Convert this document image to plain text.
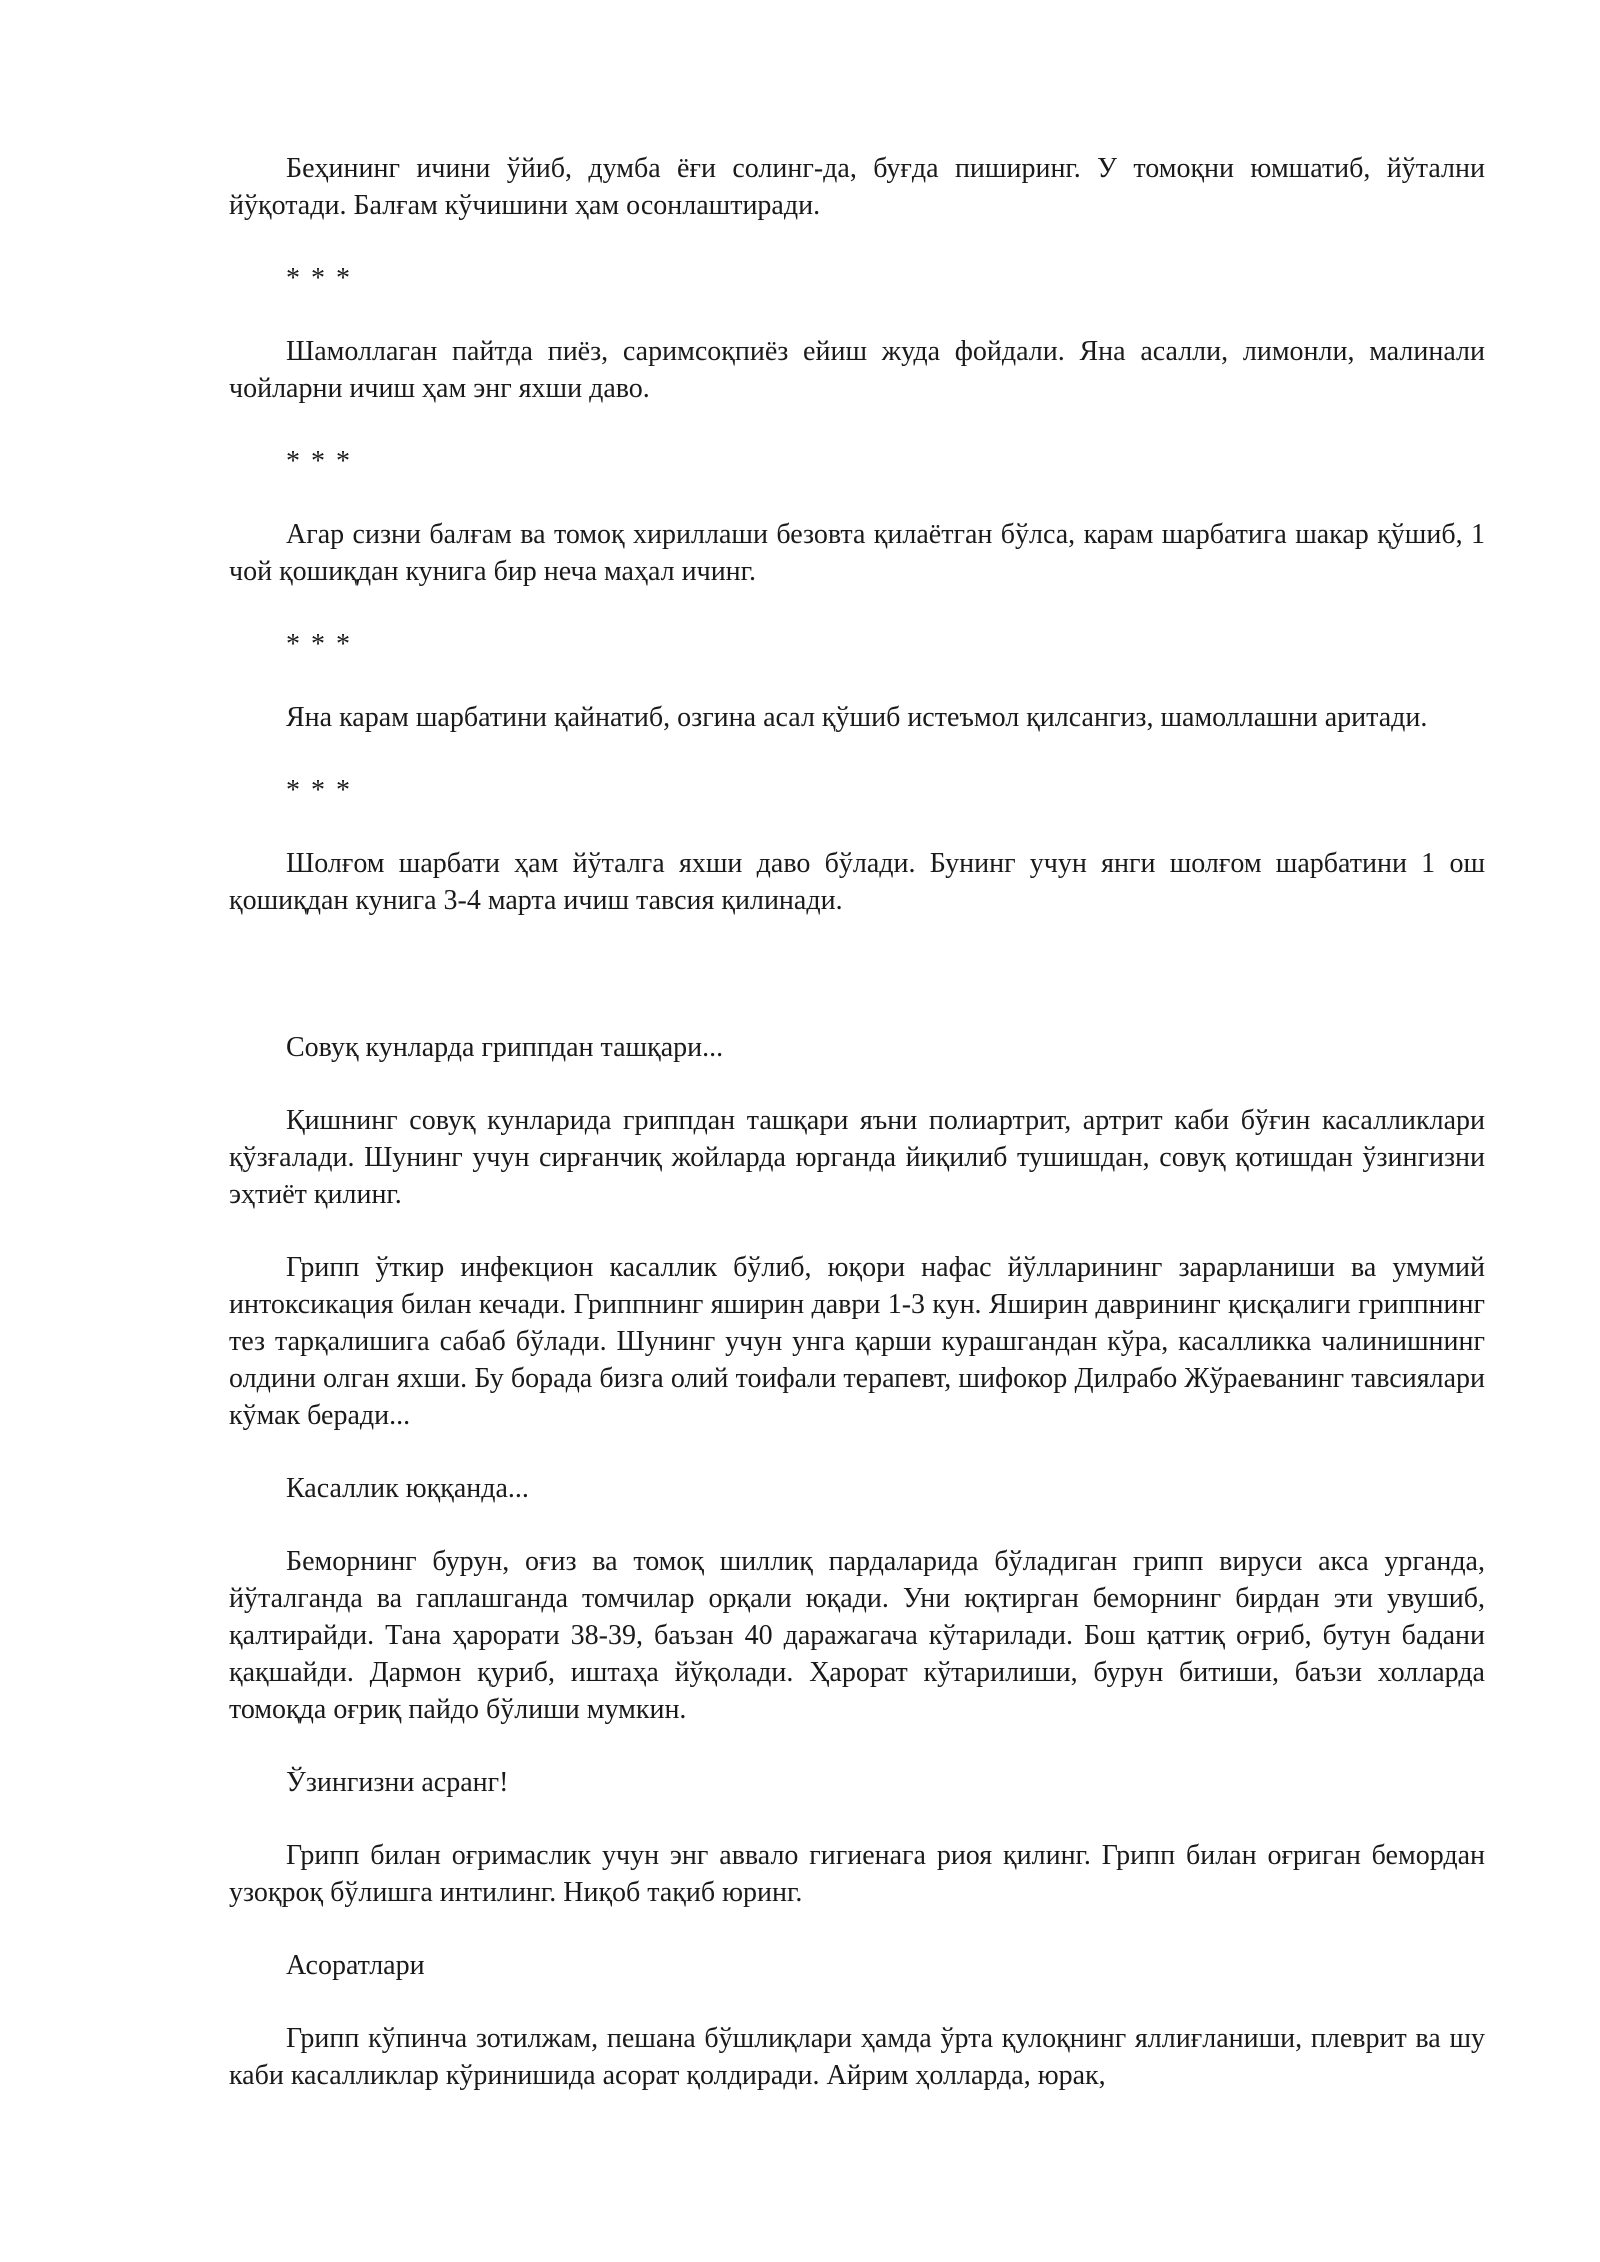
Беҳининг ичини ўйиб, думба ёғи солинг-да, буғда пиширинг. У томоқни юмшатиб, йўтални йўқотади. Балғам кўчишини ҳам осонлаштиради.

* * *

Шамоллаган пайтда пиёз, саримсоқпиёз ейиш жуда фойдали. Яна асалли, лимонли, малинали чойларни ичиш ҳам энг яхши даво.

* * *

Агар сизни балғам ва томоқ хириллаши безовта қилаётган бўлса, карам шарбатига шакар қўшиб, 1 чой қошиқдан кунига бир неча маҳал ичинг.

* * *

Яна карам шарбатини қайнатиб, озгина асал қўшиб истеъмол қилсангиз, шамоллашни аритади.

* * *

Шолғом шарбати ҳам йўталга яхши даво бўлади. Бунинг учун янги шолғом шарбатини 1 ош қошиқдан кунига 3-4 марта ичиш тавсия қилинади.

Совуқ кунларда гриппдан ташқари...

Қишнинг совуқ кунларида гриппдан ташқари яъни полиартрит, артрит каби бўғин касалликлари қўзғалади. Шунинг учун сирғанчиқ жойларда юрганда йиқилиб тушишдан, совуқ қотишдан ўзингизни эҳтиёт қилинг.

Грипп ўткир инфекцион касаллик бўлиб, юқори нафас йўлларининг зарарланиши ва умумий интоксикация билан кечади. Гриппнинг яширин даври 1-3 кун. Яширин даврининг қисқалиги гриппнинг тез тарқалишига сабаб бўлади. Шунинг учун унга қарши курашгандан кўра, касалликка чалинишнинг олдини олган яхши. Бу борада бизга олий тоифали терапевт, шифокор Дилрабо Жўраеванинг тавсиялари кўмак беради...

Касаллик юққанда...

Беморнинг бурун, оғиз ва томоқ шиллиқ пардаларида бўладиган грипп вируси акса урганда, йўталганда ва гаплашганда томчилар орқали юқади. Уни юқтирган беморнинг бирдан эти увушиб, қалтирайди. Тана ҳарорати 38-39, баъзан 40 даражагача кўтарилади. Бош қаттиқ оғриб, бутун бадани қақшайди. Дармон қуриб, иштаҳа йўқолади. Ҳарорат кўтарилиши, бурун битиши, баъзи холларда томоқда оғриқ пайдо бўлиши мумкин.

Ўзингизни асранг!

Грипп билан оғримаслик учун энг аввало гигиенага риоя қилинг. Грипп билан оғриган бемордан узоқроқ бўлишга интилинг. Ниқоб тақиб юринг.

Асоратлари

Грипп кўпинча зотилжам, пешана бўшлиқлари ҳамда ўрта қулоқнинг яллиғланиши, плеврит ва шу каби касалликлар кўринишида асорат қолдиради. Айрим ҳолларда, юрак,
